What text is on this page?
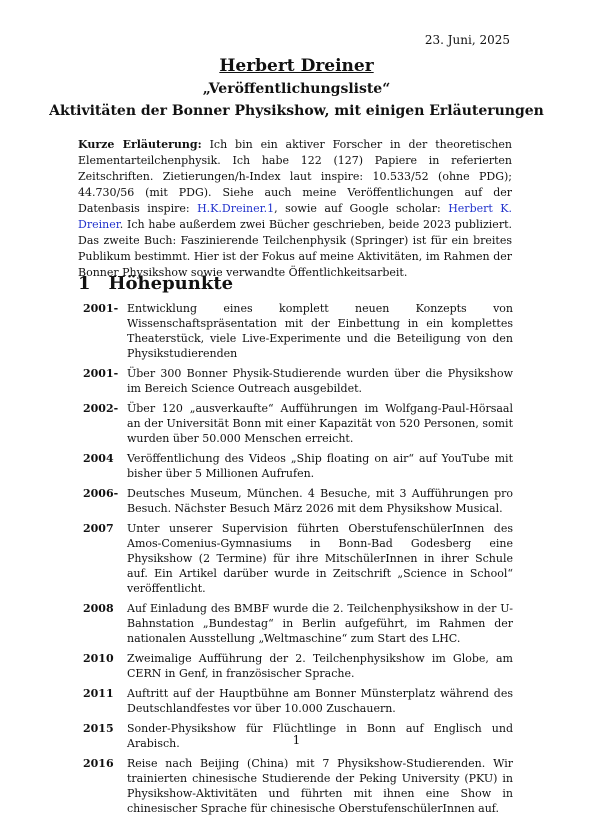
23. Juni, 2025
Herbert Dreiner
„Veröffentlichungsliste“
Aktivitäten der Bonner Physikshow, mit einigen Erläuterungen
Kurze Erläuterung: Ich bin ein aktiver Forscher in der theoretischen Elementarteilchenphysik. Ich habe 122 (127) Papiere in referierten Zeitschriften. Zietierungen/h-Index laut inspire: 10.533/52 (ohne PDG); 44.730/56 (mit PDG). Siehe auch meine Veröffentlichungen auf der Datenbasis inspire: H.K.Dreiner.1, sowie auf Google scholar: Herbert K. Dreiner. Ich habe außerdem zwei Bücher geschrieben, beide 2023 publiziert. Das zweite Buch: Faszinierende Teilchenphysik (Springer) ist für ein breites Publikum bestimmt. Hier ist der Fokus auf meine Aktivitäten, im Rahmen der Bonner Physikshow sowie verwandte Öffentlichkeitsarbeit.
1 Höhepunkte
2001- Entwicklung eines komplett neuen Konzepts von Wissenschaftspräsentation mit der Einbettung in ein komplettes Theaterstück, viele Live-Experimente und die Beteiligung von den Physikstudierenden
2001- Über 300 Bonner Physik-Studierende wurden über die Physikshow im Bereich Science Outreach ausgebildet.
2002- Über 120 „ausverkaufte“ Aufführungen im Wolfgang-Paul-Hörsaal an der Universität Bonn mit einer Kapazität von 520 Personen, somit wurden über 50.000 Menschen erreicht.
2004	Veröffentlichung des Videos „Ship floating on air“ auf YouTube mit bisher über 5 Millionen Aufrufen.
2006- Deutsches Museum, München. 4 Besuche, mit 3 Aufführungen pro Besuch. Nächster Besuch März 2026 mit dem Physikshow Musical.
2007	Unter unserer Supervision führten OberstufenschülerInnen des Amos-Comenius-Gymnasiums in Bonn-Bad Godesberg eine Physikshow (2 Termine) für ihre MitschülerInnen in ihrer Schule auf. Ein Artikel darüber wurde in Zeitschrift „Science in School“ veröffentlicht.
2008	Auf Einladung des BMBF wurde die 2. Teilchenphysikshow in der U-Bahnstation „Bundestag“ in Berlin aufgeführt, im Rahmen der nationalen Ausstellung „Weltmaschine“ zum Start des LHC.
2010	Zweimalige Aufführung der 2. Teilchenphysikshow im Globe, am CERN in Genf, in französischer Sprache.
2011	Auftritt auf der Hauptbühne am Bonner Münsterplatz während des Deutschlandfestes vor über 10.000 Zuschauern.
2015	Sonder-Physikshow für Flüchtlinge in Bonn auf Englisch und Arabisch.
2016	Reise nach Beijing (China) mit 7 Physikshow-Studierenden. Wir trainierten chinesische Studierende der Peking University (PKU) in Physikshow-Aktivitäten und führten mit ihnen eine Show in chinesischer Sprache für chinesische OberstufenschülerInnen auf.
1
